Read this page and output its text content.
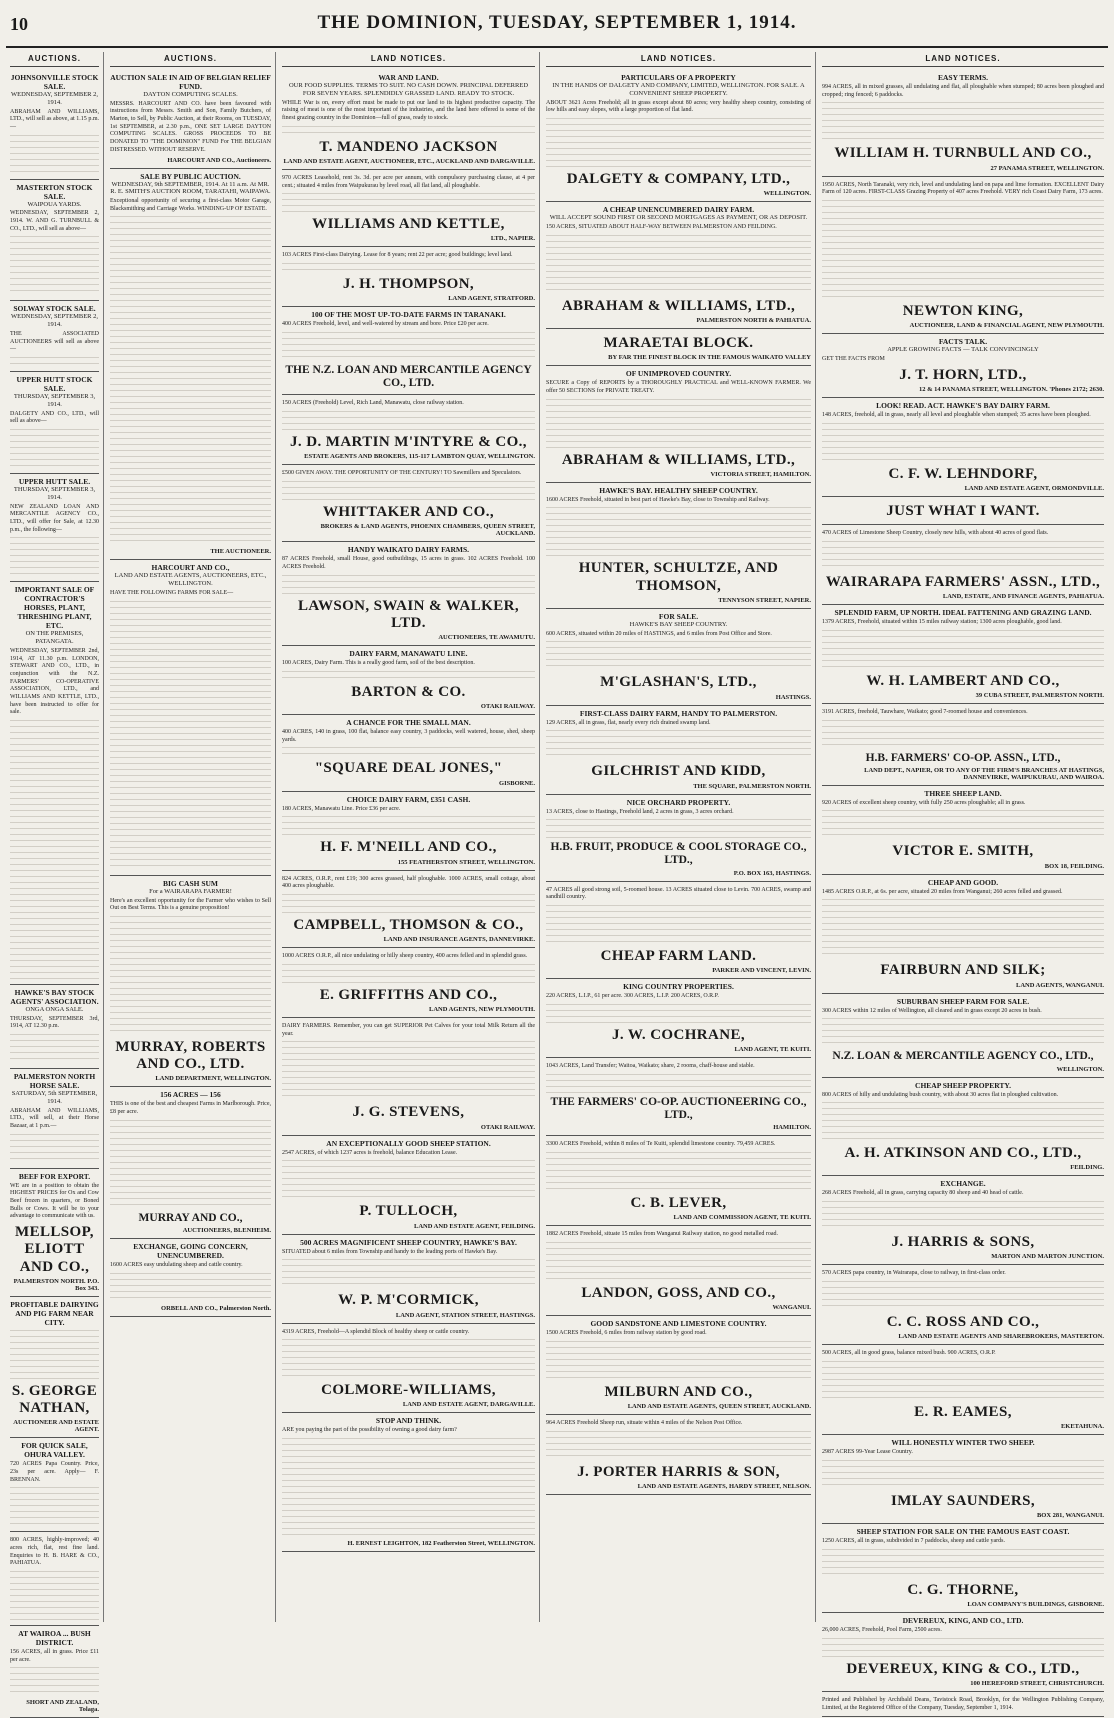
10	THE DOMINION, TUESDAY, SEPTEMBER 1, 1914.
AUCTIONS.
JOHNSONVILLE STOCK SALE.
WEDNESDAY, SEPTEMBER 2, 1914.
ABRAHAM AND WILLIAMS, LTD., will sell as above, at 1.15 p.m.—
MASTERTON STOCK SALE.
WAIPOUA YARDS.
WEDNESDAY, SEPTEMBER 2, 1914. W. AND G. TURNBULL & CO., LTD., will sell as above—
SOLWAY STOCK SALE.
WEDNESDAY, SEPTEMBER 2, 1914.
THE ASSOCIATED AUCTIONEERS will sell as above—
UPPER HUTT STOCK SALE.
THURSDAY, SEPTEMBER 3, 1914.
DALGETY AND CO., LTD., will sell as above—
UPPER HUTT SALE.
THURSDAY, SEPTEMBER 3, 1914.
NEW ZEALAND LOAN AND MERCANTILE AGENCY CO., LTD., will offer for Sale, at 12.30 p.m., the following—
IMPORTANT SALE OF CONTRACTOR'S HORSES, PLANT, THRESHING PLANT, ETC.
ON THE PREMISES, PATANGATA.
WEDNESDAY, SEPTEMBER 2nd, 1914, AT 11.30 p.m. LONDON, STEWART AND CO., LTD., in conjunction with the N.Z. FARMERS' CO-OPERATIVE ASSOCIATION, LTD., and WILLIAMS AND KETTLE, LTD., have been instructed to offer for sale.
HAWKE'S BAY STOCK AGENTS' ASSOCIATION.
ONGA ONGA SALE.
THURSDAY, SEPTEMBER 3rd, 1914, AT 12.30 p.m.
PALMERSTON NORTH HORSE SALE.
SATURDAY, 5th SEPTEMBER, 1914.
ABRAHAM AND WILLIAMS, LTD., will sell, at their Horse Bazaar, at 1 p.m.—
BEEF FOR EXPORT.
WE are in a position to obtain the HIGHEST PRICES for Ox and Cow Beef frozen in quarters, or Boned Bulls or Cows. It will be to your advantage to communicate with us.
MELLSOP, ELIOTT AND CO.,
PALMERSTON NORTH. P.O. Box 343.
PROFITABLE DAIRYING AND PIG FARM NEAR CITY.
S. GEORGE NATHAN,
AUCTIONEER AND ESTATE AGENT.
FOR QUICK SALE, OHURA VALLEY.
720 ACRES Papa Country. Price, 23s per acre. Apply— F. BRENNAN.
800 ACRES, highly-improved; 40 acres rich, flat, rest fine land. Enquiries to H. B. HARE & CO., PAHIATUA.
AT WAIROA ... BUSH DISTRICT.
156 ACRES, all in grass. Price £11 per acre.
SHORT AND ZEALAND, Tolaga.
AUCTIONS.
AUCTION SALE IN AID OF BELGIAN RELIEF FUND.
DAYTON COMPUTING SCALES.
MESSRS. HARCOURT AND CO. have been favoured with instructions from Messrs. Smith and Son, Family Butchers, of Marton, to Sell, by Public Auction, at their Rooms, on TUESDAY, 1st SEPTEMBER, at 2.30 p.m., ONE SET LARGE DAYTON COMPUTING SCALES. GROSS PROCEEDS TO BE DONATED TO "THE DOMINION" FUND For THE BELGIAN DISTRESSED. WITHOUT RESERVE.
HARCOURT AND CO., Auctioneers.
SALE BY PUBLIC AUCTION.
WEDNESDAY, 9th SEPTEMBER, 1914. At 11 a.m. At MR. R. E. SMITH'S AUCTION ROOM, TARATAHI, WAIPAWA.
Exceptional opportunity of securing a first-class Motor Garage, Blacksmithing and Carriage Works. WINDING-UP OF ESTATE.
THE AUCTIONEER.
HARCOURT AND CO.,
LAND AND ESTATE AGENTS, AUCTIONEERS, ETC., WELLINGTON.
HAVE THE FOLLOWING FARMS FOR SALE—
BIG CASH SUM
For a WAIRARAPA FARMER!
Here's an excellent opportunity for the Farmer who wishes to Sell Out on Best Terms. This is a genuine proposition!
MURRAY, ROBERTS AND CO., LTD.
LAND DEPARTMENT, WELLINGTON.
156 ACRES — 156
THIS is one of the best and cheapest Farms in Marlborough. Price, £8 per acre.
MURRAY AND CO.,
AUCTIONEERS, BLENHEIM.
EXCHANGE, GOING CONCERN, UNENCUMBERED.
1600 ACRES easy undulating sheep and cattle country.
ORBELL AND CO., Palmerston North.
LAND NOTICES.
WAR AND LAND.
OUR FOOD SUPPLIES. TERMS TO SUIT. NO CASH DOWN. PRINCIPAL DEFERRED FOR SEVEN YEARS. SPLENDIDLY GRASSED LAND. READY TO STOCK.
WHILE War is on, every effort must be made to put our land to its highest productive capacity. The raising of meat is one of the most important of the industries, and the land here offered is some of the finest grazing country in the Dominion—full of grass, ready to stock.
T. MANDENO JACKSON
LAND AND ESTATE AGENT, AUCTIONEER, ETC., AUCKLAND AND DARGAVILLE.
970 ACRES Leasehold, rent 3s. 3d. per acre per annum, with compulsory purchasing clause, at 4 per cent.; situated 4 miles from Waipukurau by level road, all flat land, all ploughable.
WILLIAMS AND KETTLE,
LTD., NAPIER.
103 ACRES First-class Dairying. Lease for 8 years; rent 22 per acre; good buildings; level land.
J. H. THOMPSON,
LAND AGENT, STRATFORD.
100 OF THE MOST UP-TO-DATE FARMS IN TARANAKI.
400 ACRES Freehold, level, and well-watered by stream and bore. Price £20 per acre.
THE N.Z. LOAN AND MERCANTILE AGENCY CO., LTD.
150 ACRES (Freehold) Level, Rich Land, Manawatu, close railway station.
J. D. MARTIN M'INTYRE & CO.,
ESTATE AGENTS AND BROKERS, 115-117 LAMBTON QUAY, WELLINGTON.
£500 GIVEN AWAY. THE OPPORTUNITY OF THE CENTURY! TO Sawmillers and Speculators.
WHITTAKER AND CO.,
BROKERS & LAND AGENTS, PHOENIX CHAMBERS, QUEEN STREET, AUCKLAND.
HANDY WAIKATO DAIRY FARMS.
87 ACRES Freehold, small House, good outbuildings, 15 acres in grass. 102 ACRES Freehold. 100 ACRES Freehold.
LAWSON, SWAIN & WALKER, LTD.
AUCTIONEERS, TE AWAMUTU.
DAIRY FARM, MANAWATU LINE.
100 ACRES, Dairy Farm. This is a really good farm, soil of the best description.
BARTON & CO.
OTAKI RAILWAY.
A CHANCE FOR THE SMALL MAN.
400 ACRES, 140 in grass, 100 flat, balance easy country, 3 paddocks, well watered, house, shed, sheep yards.
"SQUARE DEAL JONES,"
GISBORNE.
CHOICE DAIRY FARM, £351 CASH.
180 ACRES, Manawatu Line. Price £36 per acre.
H. F. M'NEILL AND CO.,
155 FEATHERSTON STREET, WELLINGTON.
824 ACRES, O.R.P., rent £19; 300 acres grassed, half ploughable. 1000 ACRES, small cottage, about 400 acres ploughable.
CAMPBELL, THOMSON & CO.,
LAND AND INSURANCE AGENTS, DANNEVIRKE.
1000 ACRES O.R.P., all nice undulating or hilly sheep country, 400 acres felled and in splendid grass.
E. GRIFFITHS AND CO.,
LAND AGENTS, NEW PLYMOUTH.
DAIRY FARMERS. Remember, you can get SUPERIOR Pet Calves for your total Milk Return all the year.
J. G. STEVENS,
OTAKI RAILWAY.
AN EXCEPTIONALLY GOOD SHEEP STATION.
2547 ACRES, of which 1237 acres is freehold, balance Education Lease.
P. TULLOCH,
LAND AND ESTATE AGENT, FEILDING.
500 ACRES MAGNIFICENT SHEEP COUNTRY, HAWKE'S BAY.
SITUATED about 6 miles from Township and handy to the leading ports of Hawke's Bay.
W. P. M'CORMICK,
LAND AGENT, STATION STREET, HASTINGS.
4319 ACRES, Freehold—A splendid Block of healthy sheep or cattle country.
COLMORE-WILLIAMS,
LAND AND ESTATE AGENT, DARGAVILLE.
STOP AND THINK.
ARE you paying the part of the possibility of owning a good dairy farm?
H. ERNEST LEIGHTON, 182 Featherston Street, WELLINGTON.
LAND NOTICES.
PARTICULARS OF A PROPERTY
IN THE HANDS OF DALGETY AND COMPANY, LIMITED, WELLINGTON. FOR SALE. A CONVENIENT SHEEP PROPERTY.
ABOUT 3621 Acres Freehold; all in grass except about 80 acres; very healthy sheep country, consisting of low hills and easy slopes, with a large proportion of flat land.
DALGETY & COMPANY, LTD.,
WELLINGTON.
A CHEAP UNENCUMBERED DAIRY FARM.
WILL ACCEPT SOUND FIRST OR SECOND MORTGAGES AS PAYMENT, OR AS DEPOSIT.
150 ACRES, SITUATED ABOUT HALF-WAY BETWEEN PALMERSTON AND FEILDING.
ABRAHAM & WILLIAMS, LTD.,
PALMERSTON NORTH & PAHIATUA.
MARAETAI BLOCK.
BY FAR THE FINEST BLOCK IN THE FAMOUS WAIKATO VALLEY
OF UNIMPROVED COUNTRY.
SECURE a Copy of REPORTS by a THOROUGHLY PRACTICAL and WELL-KNOWN FARMER. We offer 50 SECTIONS for PRIVATE TREATY.
ABRAHAM & WILLIAMS, LTD.,
VICTORIA STREET, HAMILTON.
HAWKE'S BAY. HEALTHY SHEEP COUNTRY.
1600 ACRES Freehold, situated in best part of Hawke's Bay, close to Township and Railway.
HUNTER, SCHULTZE, AND THOMSON,
TENNYSON STREET, NAPIER.
FOR SALE.
HAWKE'S BAY SHEEP COUNTRY.
600 ACRES, situated within 20 miles of HASTINGS, and 6 miles from Post Office and Store.
M'GLASHAN'S, LTD.,
HASTINGS.
FIRST-CLASS DAIRY FARM, HANDY TO PALMERSTON.
129 ACRES, all in grass, flat, nearly every rich drained swamp land.
GILCHRIST AND KIDD,
THE SQUARE, PALMERSTON NORTH.
NICE ORCHARD PROPERTY.
13 ACRES, close to Hastings, Freehold land, 2 acres in grass, 3 acres orchard.
H.B. FRUIT, PRODUCE & COOL STORAGE CO., LTD.,
P.O. BOX 163, HASTINGS.
47 ACRES all good strong soil, 5-roomed house. 13 ACRES situated close to Levin. 700 ACRES, swamp and sandhill country.
CHEAP FARM LAND.
PARKER AND VINCENT, LEVIN.
KING COUNTRY PROPERTIES.
220 ACRES, L.I.P., 61 per acre. 300 ACRES, L.I.P. 200 ACRES, O.R.P.
J. W. COCHRANE,
LAND AGENT, TE KUITI.
1043 ACRES, Land Transfer; Waitoa, Waikato; share, 2 rooms, chaff-house and stable.
THE FARMERS' CO-OP. AUCTIONEERING CO., LTD.,
HAMILTON.
3300 ACRES Freehold, within 8 miles of Te Kuiti, splendid limestone country. 79,459 ACRES.
C. B. LEVER,
LAND AND COMMISSION AGENT, TE KUITI.
1882 ACRES Freehold, situate 15 miles from Wanganui Railway station, no good metalled road.
LANDON, GOSS, AND CO.,
WANGANUI.
GOOD SANDSTONE AND LIMESTONE COUNTRY.
1500 ACRES Freehold, 6 miles from railway station by good road.
MILBURN AND CO.,
LAND AND ESTATE AGENTS, QUEEN STREET, AUCKLAND.
964 ACRES Freehold Sheep run, situate within 4 miles of the Nelson Post Office.
J. PORTER HARRIS & SON,
LAND AND ESTATE AGENTS, HARDY STREET, NELSON.
LAND NOTICES.
EASY TERMS.
994 ACRES, all in mixed grasses, all undulating and flat, all ploughable when stumped; 80 acres been ploughed and cropped; ring fenced; 6 paddocks.
WILLIAM H. TURNBULL AND CO.,
27 PANAMA STREET, WELLINGTON.
1950 ACRES, North Taranaki, very rich, level and undulating land on papa and lime formation. EXCELLENT Dairy Farm of 120 acres. FIRST-CLASS Grazing Property of 407 acres Freehold. VERY rich Coast Dairy Farm, 173 acres.
NEWTON KING,
AUCTIONEER, LAND & FINANCIAL AGENT, NEW PLYMOUTH.
FACTS TALK.
APPLE GROWING FACTS — TALK CONVINCINGLY
GET THE FACTS FROM
J. T. HORN, LTD.,
12 & 14 PANAMA STREET, WELLINGTON. 'Phones 2172; 2630.
LOOK! READ. ACT. HAWKE'S BAY DAIRY FARM.
148 ACRES, freehold, all in grass, nearly all level and ploughable when stumped; 35 acres have been ploughed.
C. F. W. LEHNDORF,
LAND AND ESTATE AGENT, ORMONDVILLE.
JUST WHAT I WANT.
470 ACRES of Limestone Sheep Country, closely new hills, with about 40 acres of good flats.
WAIRARAPA FARMERS' ASSN., LTD.,
LAND, ESTATE, AND FINANCE AGENTS, PAHIATUA.
SPLENDID FARM, UP NORTH. IDEAL FATTENING AND GRAZING LAND.
1379 ACRES, Freehold, situated within 15 miles railway station; 1300 acres ploughable, good land.
W. H. LAMBERT AND CO.,
39 CUBA STREET, PALMERSTON NORTH.
3191 ACRES, freehold, Tauwhare, Waikato; good 7-roomed house and conveniences.
H.B. FARMERS' CO-OP. ASSN., LTD.,
LAND DEPT., NAPIER, OR TO ANY OF THE FIRM'S BRANCHES AT HASTINGS, DANNEVIRKE, WAIPUKURAU, AND WAIROA.
THREE SHEEP LAND.
920 ACRES of excellent sheep country, with fully 250 acres ploughable; all in grass.
VICTOR E. SMITH,
BOX 18, FEILDING.
CHEAP AND GOOD.
1485 ACRES O.R.P., at 6s. per acre, situated 20 miles from Wanganui; 260 acres felled and grassed.
FAIRBURN AND SILK;
LAND AGENTS, WANGANUI.
SUBURBAN SHEEP FARM FOR SALE.
300 ACRES within 12 miles of Wellington, all cleared and in grass except 20 acres in bush.
N.Z. LOAN & MERCANTILE AGENCY CO., LTD.,
WELLINGTON.
CHEAP SHEEP PROPERTY.
800 ACRES of hilly and undulating bush country, with about 30 acres flat in ploughed cultivation.
A. H. ATKINSON AND CO., LTD.,
FEILDING.
EXCHANGE.
268 ACRES Freehold, all in grass, carrying capacity 80 sheep and 40 head of cattle.
J. HARRIS & SONS,
MARTON AND MARTON JUNCTION.
570 ACRES papa country, in Wairarapa, close to railway, in first-class order.
C. C. ROSS AND CO.,
LAND AND ESTATE AGENTS AND SHAREBROKERS, MASTERTON.
500 ACRES, all in good grass, balance mixed bush. 900 ACRES, O.R.P.
E. R. EAMES,
EKETAHUNA.
WILL HONESTLY WINTER TWO SHEEP.
2987 ACRES 99-Year Lease Country.
IMLAY SAUNDERS,
BOX 281, WANGANUI.
SHEEP STATION FOR SALE ON THE FAMOUS EAST COAST.
1250 ACRES, all in grass, subdivided in 7 paddocks, sheep and cattle yards.
C. G. THORNE,
LOAN COMPANY'S BUILDINGS, GISBORNE.
DEVEREUX, KING, AND CO., LTD.
26,000 ACRES, Freehold, Pool Farm, 2500 acres.
DEVEREUX, KING & CO., LTD.,
100 HEREFORD STREET, CHRISTCHURCH.
Printed and Published by Archibald Deans, Tavistock Road, Brooklyn, for the Wellington Publishing Company, Limited, at the Registered Office of the Company, Tuesday, September 1, 1914.
